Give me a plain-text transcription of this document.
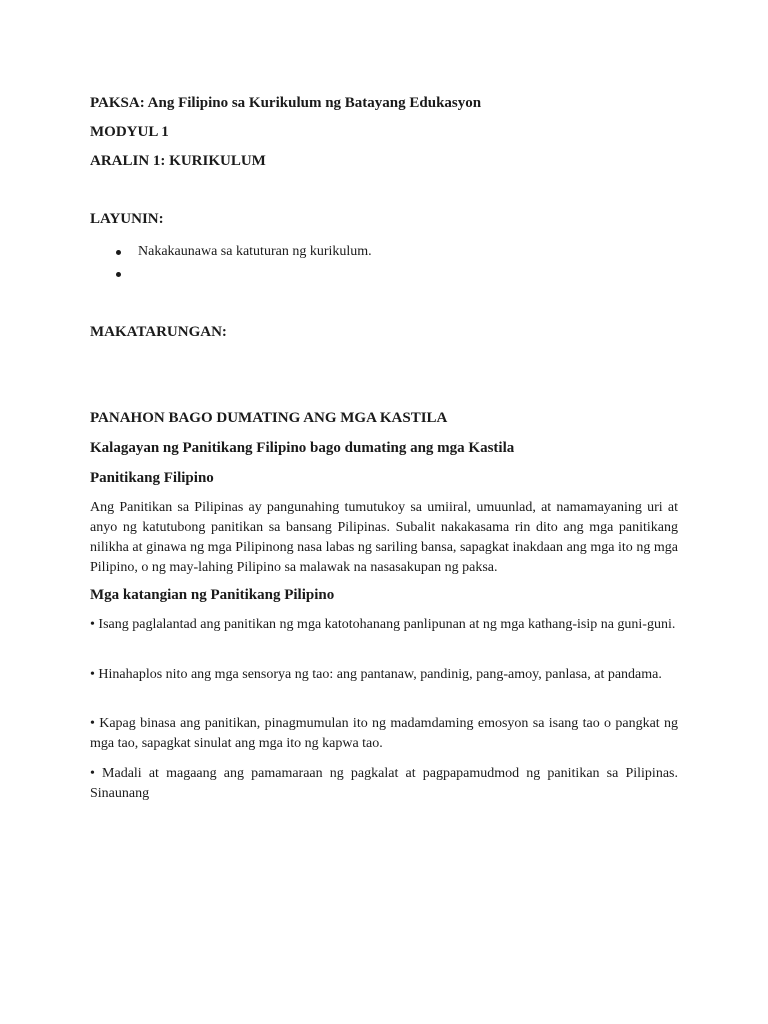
PAKSA: Ang Filipino sa Kurikulum ng Batayang Edukasyon
MODYUL 1
ARALIN 1: KURIKULUM
LAYUNIN:
Nakakaunawa sa katuturan ng kurikulum.
MAKATARUNGAN:
PANAHON BAGO DUMATING ANG MGA KASTILA
Kalagayan ng Panitikang Filipino bago dumating ang mga Kastila
Panitikang Filipino

Ang Panitikan sa Pilipinas ay pangunahing tumutukoy sa umiiral, umuunlad, at namamayaning uri at anyo ng katutubong panitikan sa bansang Pilipinas. Subalit nakakasama rin dito ang mga panitikang nilikha at ginawa ng mga Pilipinong nasa labas ng sariling bansa, sapagkat inakdaan ang mga ito ng mga Pilipino, o ng may-lahing Pilipino sa malawak na nasasakupan ng paksa.

Mga katangian ng Panitikang Pilipino

• Isang paglalantad ang panitikan ng mga katotohanang panlipunan at ng mga kathang-isip na guni-guni.

• Hinahaplos nito ang mga sensorya ng tao: ang pantanaw, pandinig, pang-amoy, panlasa, at pandama.

• Kapag binasa ang panitikan, pinagmumulan ito ng madamdaming emosyon sa isang tao o pangkat ng mga tao, sapagkat sinulat ang mga ito ng kapwa tao.

• Madali at magaang ang pamamaraan ng pagkalat at pagpapamudmod ng panitikan sa Pilipinas. Sinaunang
